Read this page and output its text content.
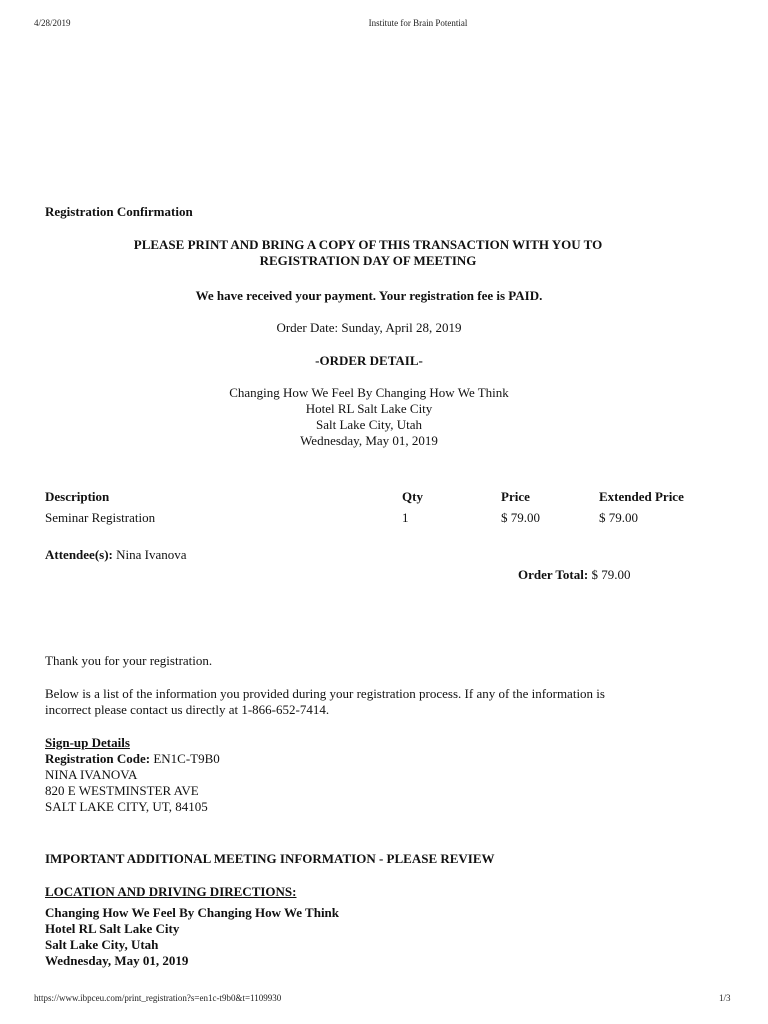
4/28/2019	Institute for Brain Potential
Registration Confirmation
PLEASE PRINT AND BRING A COPY OF THIS TRANSACTION WITH YOU TO
REGISTRATION DAY OF MEETING
We have received your payment. Your registration fee is PAID.
Order Date: Sunday, April 28, 2019
-ORDER DETAIL-
Changing How We Feel By Changing How We Think
Hotel RL Salt Lake City
Salt Lake City, Utah
Wednesday, May 01, 2019
Description	Qty	Price	Extended Price
Seminar Registration	1	$ 79.00	$ 79.00
Attendee(s): Nina Ivanova
Order Total: $ 79.00
Thank you for your registration.
Below is a list of the information you provided during your registration process. If any of the information is
incorrect please contact us directly at 1-866-652-7414.
Sign-up Details
Registration Code: EN1C-T9B0
NINA IVANOVA
820 E WESTMINSTER AVE
SALT LAKE CITY, UT, 84105
IMPORTANT ADDITIONAL MEETING INFORMATION - PLEASE REVIEW
LOCATION AND DRIVING DIRECTIONS:
Changing How We Feel By Changing How We Think
Hotel RL Salt Lake City
Salt Lake City, Utah
Wednesday, May 01, 2019
https://www.ibpceu.com/print_registration?s=en1c-t9b0&t=1109930	1/3
